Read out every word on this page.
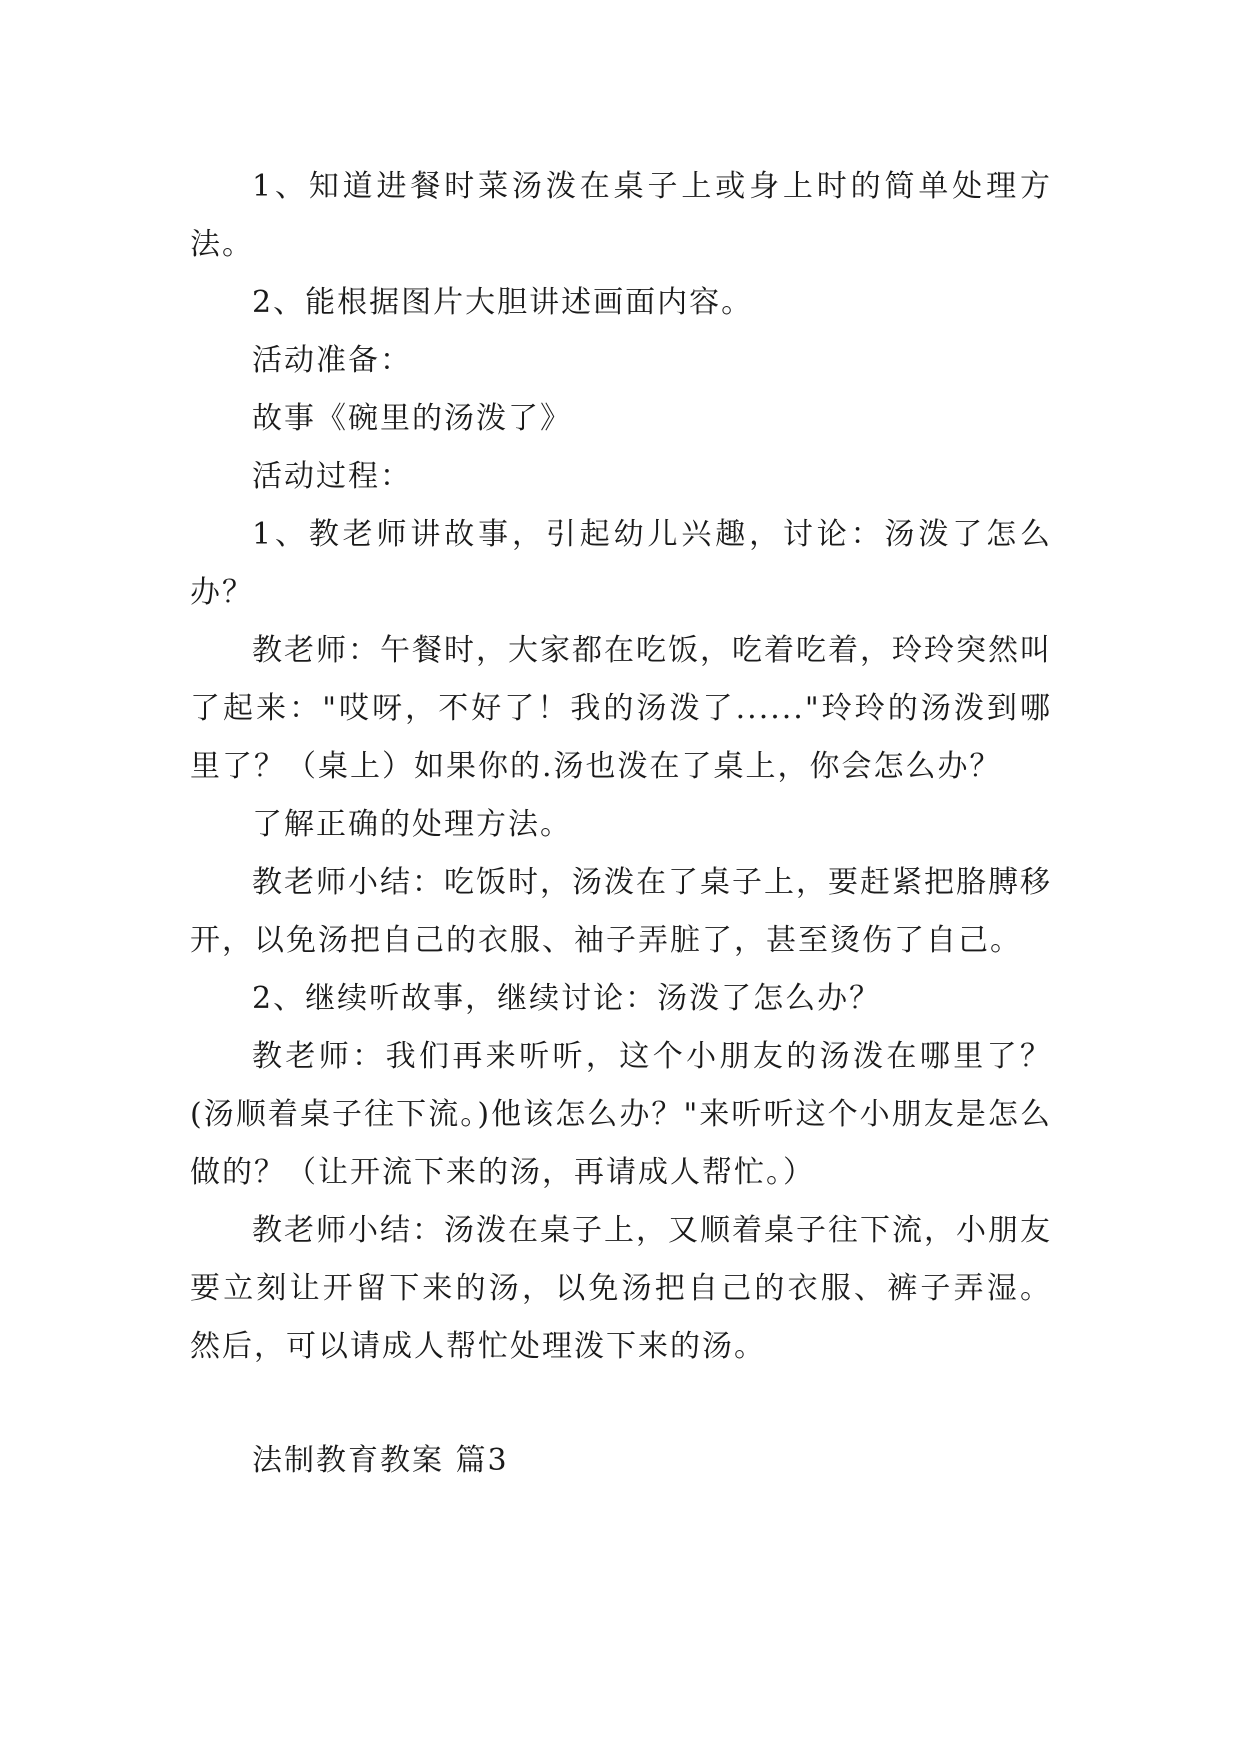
1、知道进餐时菜汤泼在桌子上或身上时的简单处理方法。

2、能根据图片大胆讲述画面内容。

活动准备：

故事《碗里的汤泼了》

活动过程：

1、教老师讲故事，引起幼儿兴趣，讨论：汤泼了怎么办？

教老师：午餐时，大家都在吃饭，吃着吃着，玲玲突然叫了起来："哎呀，不好了！我的汤泼了......"玲玲的汤泼到哪里了？（桌上）如果你的.汤也泼在了桌上，你会怎么办？

了解正确的处理方法。

教老师小结：吃饭时，汤泼在了桌子上，要赶紧把胳膊移开，以免汤把自己的衣服、袖子弄脏了，甚至烫伤了自己。

2、继续听故事，继续讨论：汤泼了怎么办？

教老师：我们再来听听，这个小朋友的汤泼在哪里了？(汤顺着桌子往下流。)他该怎么办？"来听听这个小朋友是怎么做的？（让开流下来的汤，再请成人帮忙。）

教老师小结：汤泼在桌子上，又顺着桌子往下流，小朋友要立刻让开留下来的汤，以免汤把自己的衣服、裤子弄湿。然后，可以请成人帮忙处理泼下来的汤。

法制教育教案 篇3
